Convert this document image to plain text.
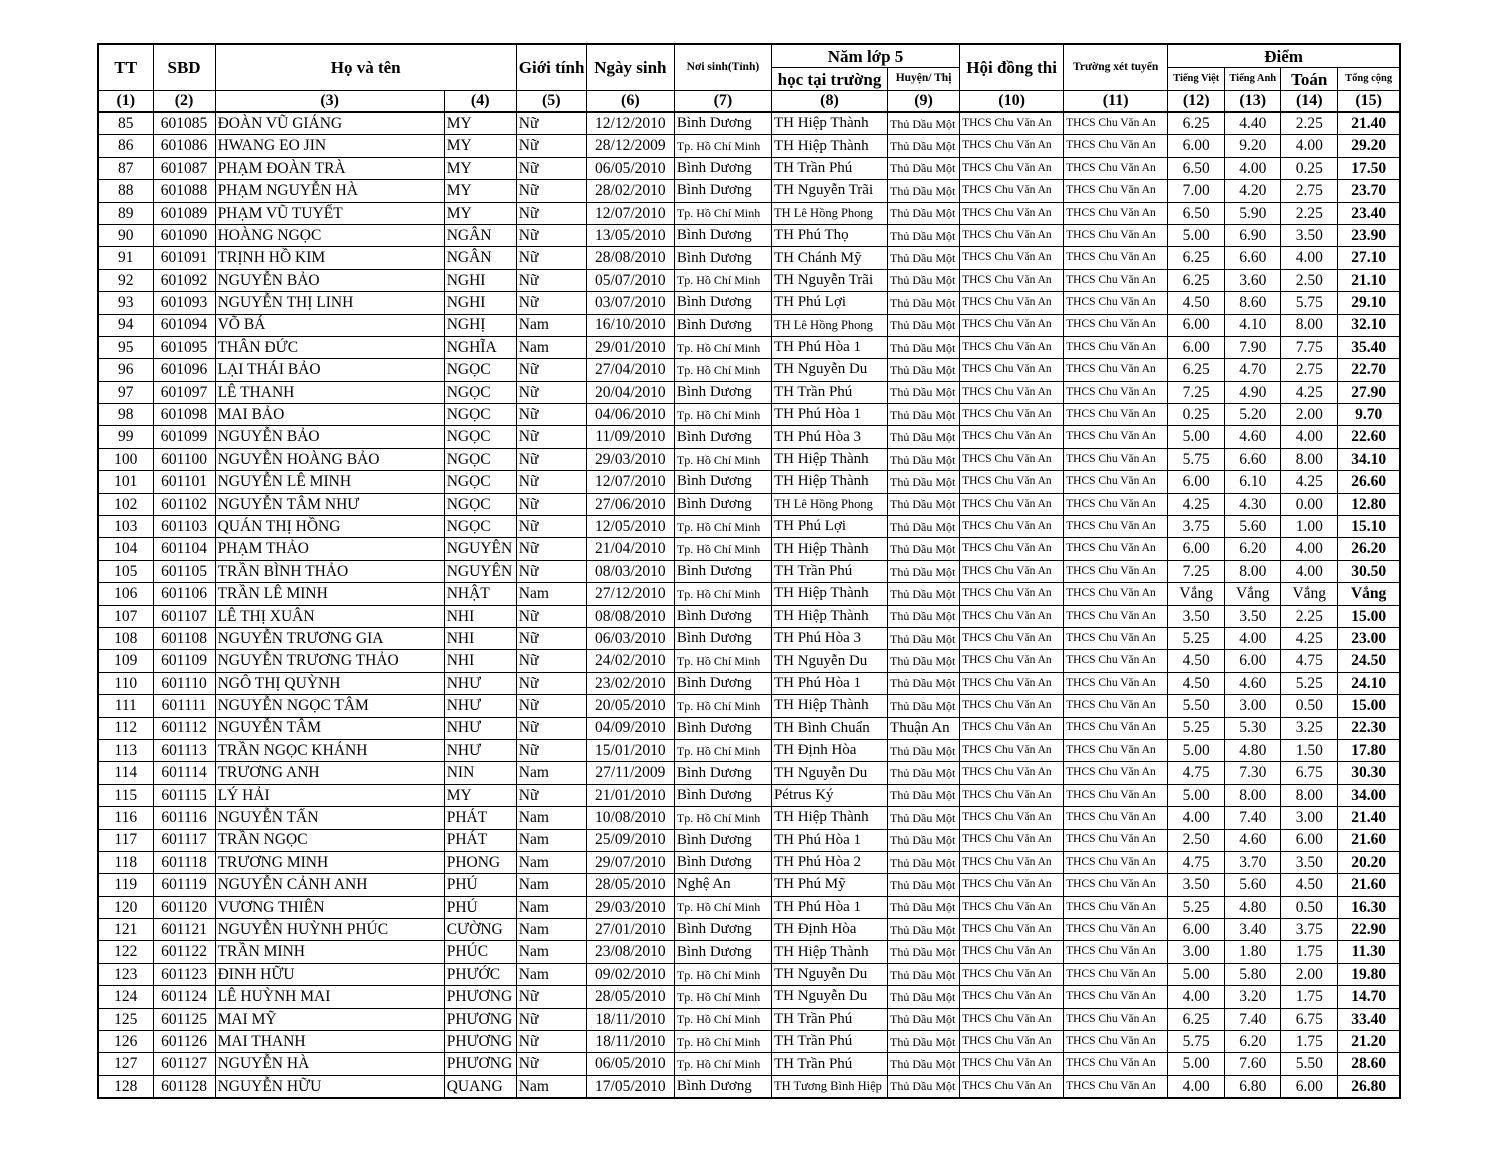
TT	SBD	Họ và tên		Giới tính	Ngày sinh	Nơi sinh(Tỉnh)	Năm lớp 5		Hội đồng thi	Trường xét tuyển	Điểm			
							học tại trường	Huyện/ Thị			Tiếng Việt	Tiếng Anh	Toán	Tổng cộng
(1)	(2)	(3)	(4)	(5)	(6)	(7)	(8)	(9)	(10)	(11)	(12)	(13)	(14)	(15)
85	601085	ĐOÀN VŨ GIÁNG	MY	Nữ	12/12/2010	Bình Dương	TH Hiệp Thành	Thủ Dầu Một	THCS Chu Văn An	THCS Chu Văn An	6.25	4.40	2.25	21.40
86	601086	HWANG EO JIN	MY	Nữ	28/12/2009	Tp. Hồ Chí Minh	TH Hiệp Thành	Thủ Dầu Một	THCS Chu Văn An	THCS Chu Văn An	6.00	9.20	4.00	29.20
87	601087	PHẠM ĐOÀN TRÀ	MY	Nữ	06/05/2010	Bình Dương	TH Trần Phú	Thủ Dầu Một	THCS Chu Văn An	THCS Chu Văn An	6.50	4.00	0.25	17.50
88	601088	PHẠM NGUYỄN HÀ	MY	Nữ	28/02/2010	Bình Dương	TH Nguyễn Trãi	Thủ Dầu Một	THCS Chu Văn An	THCS Chu Văn An	7.00	4.20	2.75	23.70
89	601089	PHẠM VŨ TUYẾT	MY	Nữ	12/07/2010	Tp. Hồ Chí Minh	TH Lê Hồng Phong	Thủ Dầu Một	THCS Chu Văn An	THCS Chu Văn An	6.50	5.90	2.25	23.40
90	601090	HOÀNG NGỌC	NGÂN	Nữ	13/05/2010	Bình Dương	TH Phú Thọ	Thủ Dầu Một	THCS Chu Văn An	THCS Chu Văn An	5.00	6.90	3.50	23.90
91	601091	TRỊNH HỒ KIM	NGÂN	Nữ	28/08/2010	Bình Dương	TH Chánh Mỹ	Thủ Dầu Một	THCS Chu Văn An	THCS Chu Văn An	6.25	6.60	4.00	27.10
92	601092	NGUYỄN BẢO	NGHI	Nữ	05/07/2010	Tp. Hồ Chí Minh	TH Nguyễn Trãi	Thủ Dầu Một	THCS Chu Văn An	THCS Chu Văn An	6.25	3.60	2.50	21.10
93	601093	NGUYỄN THỊ LINH	NGHI	Nữ	03/07/2010	Bình Dương	TH Phú Lợi	Thủ Dầu Một	THCS Chu Văn An	THCS Chu Văn An	4.50	8.60	5.75	29.10
94	601094	VÕ BÁ	NGHỊ	Nam	16/10/2010	Bình Dương	TH Lê Hồng Phong	Thủ Dầu Một	THCS Chu Văn An	THCS Chu Văn An	6.00	4.10	8.00	32.10
95	601095	THÂN ĐỨC	NGHĨA	Nam	29/01/2010	Tp. Hồ Chí Minh	TH Phú Hòa 1	Thủ Dầu Một	THCS Chu Văn An	THCS Chu Văn An	6.00	7.90	7.75	35.40
96	601096	LẠI THÁI BẢO	NGỌC	Nữ	27/04/2010	Tp. Hồ Chí Minh	TH Nguyễn Du	Thủ Dầu Một	THCS Chu Văn An	THCS Chu Văn An	6.25	4.70	2.75	22.70
97	601097	LÊ THANH	NGỌC	Nữ	20/04/2010	Bình Dương	TH Trần Phú	Thủ Dầu Một	THCS Chu Văn An	THCS Chu Văn An	7.25	4.90	4.25	27.90
98	601098	MAI BẢO	NGỌC	Nữ	04/06/2010	Tp. Hồ Chí Minh	TH Phú Hòa 1	Thủ Dầu Một	THCS Chu Văn An	THCS Chu Văn An	0.25	5.20	2.00	9.70
99	601099	NGUYỄN BẢO	NGỌC	Nữ	11/09/2010	Bình Dương	TH Phú Hòa 3	Thủ Dầu Một	THCS Chu Văn An	THCS Chu Văn An	5.00	4.60	4.00	22.60
100	601100	NGUYỄN HOÀNG BẢO	NGỌC	Nữ	29/03/2010	Tp. Hồ Chí Minh	TH Hiệp Thành	Thủ Dầu Một	THCS Chu Văn An	THCS Chu Văn An	5.75	6.60	8.00	34.10
101	601101	NGUYỄN LÊ MINH	NGỌC	Nữ	12/07/2010	Bình Dương	TH Hiệp Thành	Thủ Dầu Một	THCS Chu Văn An	THCS Chu Văn An	6.00	6.10	4.25	26.60
102	601102	NGUYỄN TÂM NHƯ	NGỌC	Nữ	27/06/2010	Bình Dương	TH Lê Hồng Phong	Thủ Dầu Một	THCS Chu Văn An	THCS Chu Văn An	4.25	4.30	0.00	12.80
103	601103	QUÁN THỊ HỒNG	NGỌC	Nữ	12/05/2010	Tp. Hồ Chí Minh	TH Phú Lợi	Thủ Dầu Một	THCS Chu Văn An	THCS Chu Văn An	3.75	5.60	1.00	15.10
104	601104	PHẠM THẢO	NGUYÊN	Nữ	21/04/2010	Tp. Hồ Chí Minh	TH Hiệp Thành	Thủ Dầu Một	THCS Chu Văn An	THCS Chu Văn An	6.00	6.20	4.00	26.20
105	601105	TRẦN BÌNH THẢO	NGUYÊN	Nữ	08/03/2010	Bình Dương	TH Trần Phú	Thủ Dầu Một	THCS Chu Văn An	THCS Chu Văn An	7.25	8.00	4.00	30.50
106	601106	TRẦN LÊ MINH	NHẬT	Nam	27/12/2010	Tp. Hồ Chí Minh	TH Hiệp Thành	Thủ Dầu Một	THCS Chu Văn An	THCS Chu Văn An	Vắng	Vắng	Vắng	Vắng
107	601107	LÊ THỊ XUÂN	NHI	Nữ	08/08/2010	Bình Dương	TH Hiệp Thành	Thủ Dầu Một	THCS Chu Văn An	THCS Chu Văn An	3.50	3.50	2.25	15.00
108	601108	NGUYỄN TRƯƠNG GIA	NHI	Nữ	06/03/2010	Bình Dương	TH Phú Hòa 3	Thủ Dầu Một	THCS Chu Văn An	THCS Chu Văn An	5.25	4.00	4.25	23.00
109	601109	NGUYỄN TRƯƠNG THẢO	NHI	Nữ	24/02/2010	Tp. Hồ Chí Minh	TH Nguyễn Du	Thủ Dầu Một	THCS Chu Văn An	THCS Chu Văn An	4.50	6.00	4.75	24.50
110	601110	NGÔ THỊ QUỲNH	NHƯ	Nữ	23/02/2010	Bình Dương	TH Phú Hòa 1	Thủ Dầu Một	THCS Chu Văn An	THCS Chu Văn An	4.50	4.60	5.25	24.10
111	601111	NGUYỄN NGỌC TÂM	NHƯ	Nữ	20/05/2010	Tp. Hồ Chí Minh	TH Hiệp Thành	Thủ Dầu Một	THCS Chu Văn An	THCS Chu Văn An	5.50	3.00	0.50	15.00
112	601112	NGUYỄN TÂM	NHƯ	Nữ	04/09/2010	Bình Dương	TH Bình Chuẩn	Thuận An	THCS Chu Văn An	THCS Chu Văn An	5.25	5.30	3.25	22.30
113	601113	TRẦN NGỌC KHÁNH	NHƯ	Nữ	15/01/2010	Tp. Hồ Chí Minh	TH Định Hòa	Thủ Dầu Một	THCS Chu Văn An	THCS Chu Văn An	5.00	4.80	1.50	17.80
114	601114	TRƯƠNG ANH	NIN	Nam	27/11/2009	Bình Dương	TH Nguyễn Du	Thủ Dầu Một	THCS Chu Văn An	THCS Chu Văn An	4.75	7.30	6.75	30.30
115	601115	LÝ HẢI	MY	Nữ	21/01/2010	Bình Dương	Pétrus Ký	Thủ Dầu Một	THCS Chu Văn An	THCS Chu Văn An	5.00	8.00	8.00	34.00
116	601116	NGUYỄN TẤN	PHÁT	Nam	10/08/2010	Tp. Hồ Chí Minh	TH Hiệp Thành	Thủ Dầu Một	THCS Chu Văn An	THCS Chu Văn An	4.00	7.40	3.00	21.40
117	601117	TRẦN NGỌC	PHÁT	Nam	25/09/2010	Bình Dương	TH Phú Hòa 1	Thủ Dầu Một	THCS Chu Văn An	THCS Chu Văn An	2.50	4.60	6.00	21.60
118	601118	TRƯƠNG MINH	PHONG	Nam	29/07/2010	Bình Dương	TH Phú Hòa 2	Thủ Dầu Một	THCS Chu Văn An	THCS Chu Văn An	4.75	3.70	3.50	20.20
119	601119	NGUYỄN CẢNH ANH	PHÚ	Nam	28/05/2010	Nghệ An	TH Phú Mỹ	Thủ Dầu Một	THCS Chu Văn An	THCS Chu Văn An	3.50	5.60	4.50	21.60
120	601120	VƯƠNG THIÊN	PHÚ	Nam	29/03/2010	Tp. Hồ Chí Minh	TH Phú Hòa 1	Thủ Dầu Một	THCS Chu Văn An	THCS Chu Văn An	5.25	4.80	0.50	16.30
121	601121	NGUYỄN HUỲNH PHÚC	CƯỜNG	Nam	27/01/2010	Bình Dương	TH Định Hòa	Thủ Dầu Một	THCS Chu Văn An	THCS Chu Văn An	6.00	3.40	3.75	22.90
122	601122	TRẦN MINH	PHÚC	Nam	23/08/2010	Bình Dương	TH Hiệp Thành	Thủ Dầu Một	THCS Chu Văn An	THCS Chu Văn An	3.00	1.80	1.75	11.30
123	601123	ĐINH HỮU	PHƯỚC	Nam	09/02/2010	Tp. Hồ Chí Minh	TH Nguyễn Du	Thủ Dầu Một	THCS Chu Văn An	THCS Chu Văn An	5.00	5.80	2.00	19.80
124	601124	LÊ HUỲNH MAI	PHƯƠNG	Nữ	28/05/2010	Tp. Hồ Chí Minh	TH Nguyễn Du	Thủ Dầu Một	THCS Chu Văn An	THCS Chu Văn An	4.00	3.20	1.75	14.70
125	601125	MAI MỸ	PHƯƠNG	Nữ	18/11/2010	Tp. Hồ Chí Minh	TH Trần Phú	Thủ Dầu Một	THCS Chu Văn An	THCS Chu Văn An	6.25	7.40	6.75	33.40
126	601126	MAI THANH	PHƯƠNG	Nữ	18/11/2010	Tp. Hồ Chí Minh	TH Trần Phú	Thủ Dầu Một	THCS Chu Văn An	THCS Chu Văn An	5.75	6.20	1.75	21.20
127	601127	NGUYỄN HÀ	PHƯƠNG	Nữ	06/05/2010	Tp. Hồ Chí Minh	TH Trần Phú	Thủ Dầu Một	THCS Chu Văn An	THCS Chu Văn An	5.00	7.60	5.50	28.60
128	601128	NGUYỄN HỮU	QUANG	Nam	17/05/2010	Bình Dương	TH Tương Bình Hiệp	Thủ Dầu Một	THCS Chu Văn An	THCS Chu Văn An	4.00	6.80	6.00	26.80
